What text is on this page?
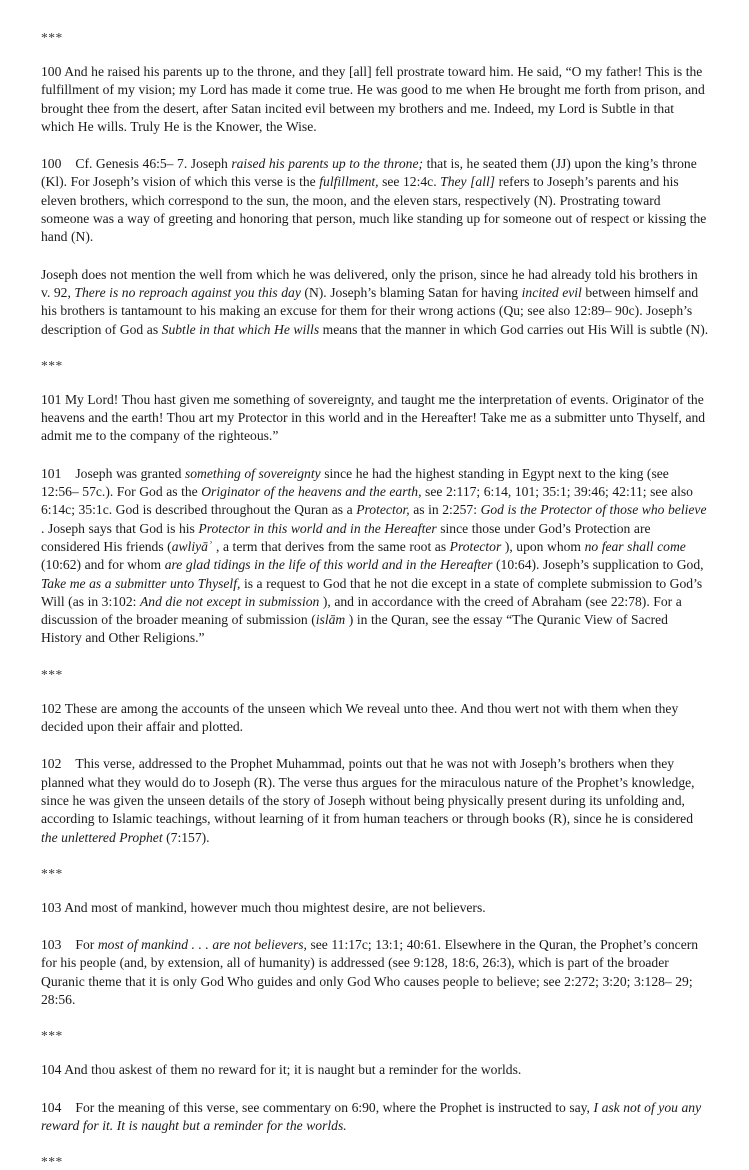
***

100 And he raised his parents up to the throne, and they [all] fell prostrate toward him. He said, “O my father! This is the fulfillment of my vision; my Lord has made it come true. He was good to me when He brought me forth from prison, and brought thee from the desert, after Satan incited evil between my brothers and me. Indeed, my Lord is Subtle in that which He wills. Truly He is the Knower, the Wise.

100 Cf. Genesis 46:5– 7. Joseph raised his parents up to the throne; that is, he seated them (JJ) upon the king’s throne (Kl). For Joseph’s vision of which this verse is the fulfillment, see 12:4c. They [all] refers to Joseph’s parents and his eleven brothers, which correspond to the sun, the moon, and the eleven stars, respectively (N). Prostrating toward someone was a way of greeting and honoring that person, much like standing up for someone out of respect or kissing the hand (N).

Joseph does not mention the well from which he was delivered, only the prison, since he had already told his brothers in v. 92, There is no reproach against you this day (N). Joseph’s blaming Satan for having incited evil between himself and his brothers is tantamount to his making an excuse for them for their wrong actions (Qu; see also 12:89– 90c). Joseph’s description of God as Subtle in that which He wills means that the manner in which God carries out His Will is subtle (N).

***

101 My Lord! Thou hast given me something of sovereignty, and taught me the interpretation of events. Originator of the heavens and the earth! Thou art my Protector in this world and in the Hereafter! Take me as a submitter unto Thyself, and admit me to the company of the righteous.”

101 Joseph was granted something of sovereignty since he had the highest standing in Egypt next to the king (see 12:56– 57c.). For God as the Originator of the heavens and the earth, see 2:117; 6:14, 101; 35:1; 39:46; 42:11; see also 6:14c; 35:1c. God is described throughout the Quran as a Protector, as in 2:257: God is the Protector of those who believe . Joseph says that God is his Protector in this world and in the Hereafter since those under God’s Protection are considered His friends (awliyāʾ , a term that derives from the same root as Protector ), upon whom no fear shall come (10:62) and for whom are glad tidings in the life of this world and in the Hereafter (10:64). Joseph’s supplication to God, Take me as a submitter unto Thyself, is a request to God that he not die except in a state of complete submission to God’s Will (as in 3:102: And die not except in submission ), and in accordance with the creed of Abraham (see 22:78). For a discussion of the broader meaning of submission (islām ) in the Quran, see the essay “The Quranic View of Sacred History and Other Religions.”

***

102 These are among the accounts of the unseen which We reveal unto thee. And thou wert not with them when they decided upon their affair and plotted.

102 This verse, addressed to the Prophet Muhammad, points out that he was not with Joseph’s brothers when they planned what they would do to Joseph (R). The verse thus argues for the miraculous nature of the Prophet’s knowledge, since he was given the unseen details of the story of Joseph without being physically present during its unfolding and, according to Islamic teachings, without learning of it from human teachers or through books (R), since he is considered the unlettered Prophet (7:157).

***

103 And most of mankind, however much thou mightest desire, are not believers.

103 For most of mankind . . . are not believers, see 11:17c; 13:1; 40:61. Elsewhere in the Quran, the Prophet’s concern for his people (and, by extension, all of humanity) is addressed (see 9:128, 18:6, 26:3), which is part of the broader Quranic theme that it is only God Who guides and only God Who causes people to believe; see 2:272; 3:20; 3:128– 29; 28:56.

***

104 And thou askest of them no reward for it; it is naught but a reminder for the worlds.

104 For the meaning of this verse, see commentary on 6:90, where the Prophet is instructed to say, I ask not of you any reward for it. It is naught but a reminder for the worlds.

***
